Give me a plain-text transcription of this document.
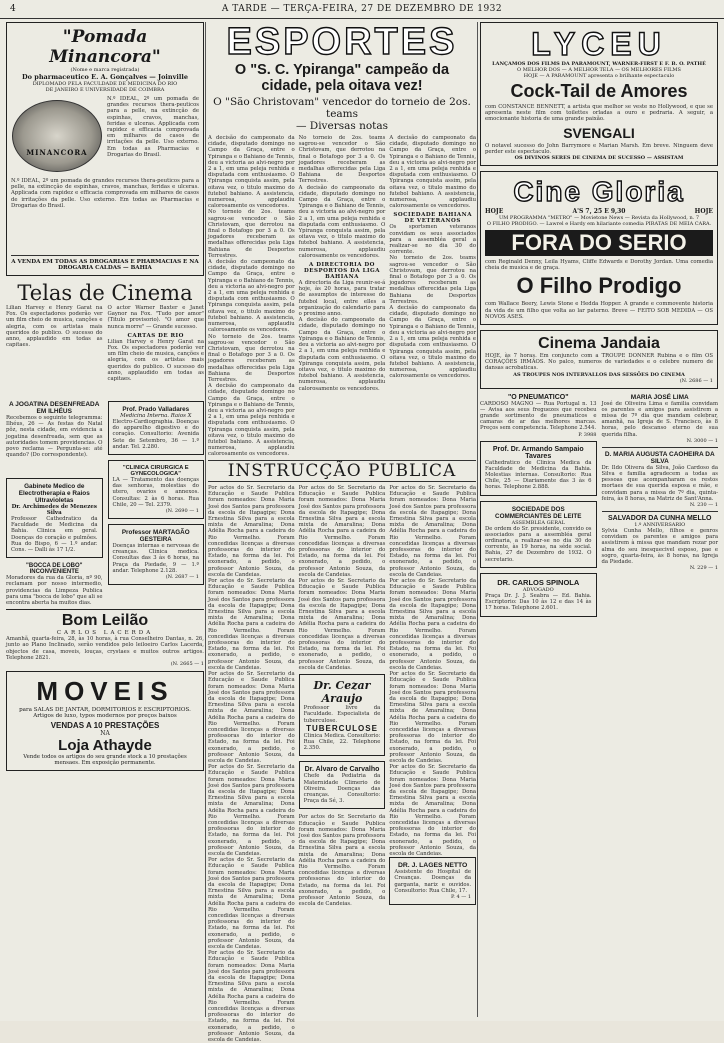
4	A TARDE — TERÇA-FEIRA, 27 DE DEZEMBRO DE 1932
"Pomada Minancora"
(Nome e marca registrada)
Do pharmaceutico E. A. Gonçalves — Joinville
DIPLOMADO PELA FACULDADE DE MEDICINA DO RIO
DE JANEIRO E UNIVERSIDADE DE COIMBRA
MINANCORA
N.º IDEAL, 2º um pomada de grandes recursos thera-peuticos para a pelle, na extincção de espinhas, cravos, manchas, feridas e ulceras. Applicada com rapidez e efficacia comprovada em milhares de casos de irritações da pelle. Uso externo. Em todas as Pharmacias e Drogarias do Brasil.
N.º IDEAL, 2º um pomada de grandes recursos thera-peuticos para a pelle, na extincção de espinhas, cravos, manchas, feridas e ulceras. Applicada com rapidez e efficacia comprovada em milhares de casos de irritações da pelle. Uso externo. Em todas as Pharmacias e Drogarias do Brasil.
A VENDA EM TODAS AS DROGARIAS E PHARMACIAS E NA DROGARIA CALDAS — BAHIA
Telas de Cinema
Lilian Harvey e Henry Garat na Fox. Os espectadores poderão ver um film cheio de musica, canções e alegria, com os artistas mais queridos do publico. O sucesso do anno, applaudido em todas as capitaes.
O actor Warner Baxter e Janet Gaynor na Fox. "Tudo por amor" (Titulo provisorio). "O amor que nunca morre" — Grande sucesso.
CARTAS DE RIO
Lilian Harvey e Henry Garat na Fox. Os espectadores poderão ver um film cheio de musica, canções e alegria, com os artistas mais queridos do publico. O sucesso do anno, applaudido em todas as capitaes.
A JOGATINA DESENFREADA EM ILHÉUS
Recebemos o seguinte telegramma: Ilhéus, 26 — As festas do Natal pôz, nesta cidade, em evidencia a jogatina desenfreada, sem que as autoridades tomem providencias. O povo reclama — Pergunta-se: até quando? (Do correspondente).
Gabinete Medico de Electrotherapia e Raios Ultravioletas
Dr. Archimedes de Menezes Silva
Professor Cathedratico da Faculdade de Medicina da Bahia. Clinica em geral. Doenças do coração e pulmões. Rua do Bispo, 6 — 1.º andar. Cons. — Dalli às 17 1/2.
"BOCCA DE LOBO" INCONVENIENTE
Moradores da rua da Gloria, nº 90, reclamam por nosso intermedio, providencias da Limpeza Publica para uma "bocca de lobo" que ali se encontra aberta ha muitos dias.
Prof. Prado Valladares
Medicina Interna. Raios X
Electro-Cardiographia. Doenças do apparelho digestivo e do coração. Consultorio: Avenida Sete de Setembro, 36 — 1.º andar. Tel. 2.280.
"CLINICA CIRURGICA E GYNECOLOGICA"
LA — Tratamento das doenças das senhoras, molestias do utero, ovarios e annexos. Consultas: 2 às 6 horas. Rua Chile, 20 — Tel. 2379.
(N. 2690 — 1
Professor MARTAGÃO GESTEIRA
Doenças internas e nervosas de creanças. Clinica medica. Consultas das 3 às 6 horas, na Praça da Piedade, 9 — 1.º andar. Telephone 2.128.
(N. 2687 — 1
Bom Leilão
CARLOS LACERDA
Amanhã, quarta-feira, 28, às 10 horas, à rua Conselheiro Dantas, n. 26, junto ao Plano Inclinado, serão vendidos pelo leiloeiro Carlos Lacerda, objectos de casa, moveis, louças, crystaes e muitos outros artigos. Telephone 2821.
(N. 2665 — 1
MOVEIS
para SALAS DE JANTAR, DORMITORIOS E ESCRIPTORIOS. Artigos de luxo, typos modernos por preços baixos
VENDAS A 10 PRESTAÇÕES
NA
Loja Athayde
Vende todos os artigos do seu grande stock a 10 prestações mensaes. Em exposição permanente.
ESPORTES
O "S. C. Ypiranga" campeão da cidade, pela oitava vez!
O "São Christovam" vencedor do torneio de 2os. teams
— Diversas notas
A decisão do campeonato da cidade, disputado domingo no Campo da Graça, entre o Ypiranga e o Bahiano de Tennis, deu a victoria ao alvi-negro por 2 a 1, em uma peleja renhida e disputada com enthusiasmo. O Ypiranga conquista assim, pela oitava vez, o titulo maximo do futebol bahiano. A assistencia, numerosa, applaudiu calorosamente os vencedores.
No torneio de 2os. teams sagrou-se vencedor o São Christovam, que derrotou na final o Botafogo por 3 a 0. Os jogadores receberam as medalhas offerecidas pela Liga Bahiana de Desportos Terrestres.
A decisão do campeonato da cidade, disputado domingo no Campo da Graça, entre o Ypiranga e o Bahiano de Tennis, deu a victoria ao alvi-negro por 2 a 1, em uma peleja renhida e disputada com enthusiasmo. O Ypiranga conquista assim, pela oitava vez, o titulo maximo do futebol bahiano. A assistencia, numerosa, applaudiu calorosamente os vencedores.
No torneio de 2os. teams sagrou-se vencedor o São Christovam, que derrotou na final o Botafogo por 3 a 0. Os jogadores receberam as medalhas offerecidas pela Liga Bahiana de Desportos Terrestres.
A decisão do campeonato da cidade, disputado domingo no Campo da Graça, entre o Ypiranga e o Bahiano de Tennis, deu a victoria ao alvi-negro por 2 a 1, em uma peleja renhida e disputada com enthusiasmo. O Ypiranga conquista assim, pela oitava vez, o titulo maximo do futebol bahiano. A assistencia, numerosa, applaudiu calorosamente os vencedores.
No torneio de 2os. teams sagrou-se vencedor o São Christovam, que derrotou na final o Botafogo por 3 a 0. Os jogadores receberam as medalhas offerecidas pela Liga Bahiana de Desportos Terrestres.
A decisão do campeonato da cidade, disputado domingo no Campo da Graça, entre o Ypiranga e o Bahiano de Tennis, deu a victoria ao alvi-negro por 2 a 1, em uma peleja renhida e disputada com enthusiasmo. O Ypiranga conquista assim, pela oitava vez, o titulo maximo do futebol bahiano. A assistencia, numerosa, applaudiu calorosamente os vencedores.
A DIRECTORIA DO DESPORTOS DA LIGA BAHIANA
A directoria da Liga reunir-se-á hoje, às 20 horas, para tratar de assumptos de interesse do futebol local, entre elles a organização do calendario para o proximo anno.
A decisão do campeonato da cidade, disputado domingo no Campo da Graça, entre o Ypiranga e o Bahiano de Tennis, deu a victoria ao alvi-negro por 2 a 1, em uma peleja renhida e disputada com enthusiasmo. O Ypiranga conquista assim, pela oitava vez, o titulo maximo do futebol bahiano. A assistencia, numerosa, applaudiu calorosamente os vencedores.
A decisão do campeonato da cidade, disputado domingo no Campo da Graça, entre o Ypiranga e o Bahiano de Tennis, deu a victoria ao alvi-negro por 2 a 1, em uma peleja renhida e disputada com enthusiasmo. O Ypiranga conquista assim, pela oitava vez, o titulo maximo do futebol bahiano. A assistencia, numerosa, applaudiu calorosamente os vencedores.
SOCIEDADE BAHIANA DE VETERANOS
Os sportsmen veteranos convidam os seus associados para a assembléa geral a realizar-se no dia 30 do corrente.
No torneio de 2os. teams sagrou-se vencedor o São Christovam, que derrotou na final o Botafogo por 3 a 0. Os jogadores receberam as medalhas offerecidas pela Liga Bahiana de Desportos Terrestres.
A decisão do campeonato da cidade, disputado domingo no Campo da Graça, entre o Ypiranga e o Bahiano de Tennis, deu a victoria ao alvi-negro por 2 a 1, em uma peleja renhida e disputada com enthusiasmo. O Ypiranga conquista assim, pela oitava vez, o titulo maximo do futebol bahiano. A assistencia, numerosa, applaudiu calorosamente os vencedores.
INSTRUCÇÃO PUBLICA
Por actos do Sr. Secretario da Educação e Saude Publica foram nomeados: Dona Maria José dos Santos para professora da escola de Itapagipe; Dona Ernestina Silva para a escola mixta de Amaralina; Dona Adélia Rocha para a cadeira do Rio Vermelho. Foram concedidas licenças a diversas professoras do interior do Estado, na forma da lei. Foi exonerado, a pedido, o professor Antonio Souza, da escola de Candeias.
Por actos do Sr. Secretario da Educação e Saude Publica foram nomeados: Dona Maria José dos Santos para professora da escola de Itapagipe; Dona Ernestina Silva para a escola mixta de Amaralina; Dona Adélia Rocha para a cadeira do Rio Vermelho. Foram concedidas licenças a diversas professoras do interior do Estado, na forma da lei. Foi exonerado, a pedido, o professor Antonio Souza, da escola de Candeias.
Por actos do Sr. Secretario da Educação e Saude Publica foram nomeados: Dona Maria José dos Santos para professora da escola de Itapagipe; Dona Ernestina Silva para a escola mixta de Amaralina; Dona Adélia Rocha para a cadeira do Rio Vermelho. Foram concedidas licenças a diversas professoras do interior do Estado, na forma da lei. Foi exonerado, a pedido, o professor Antonio Souza, da escola de Candeias.
Por actos do Sr. Secretario da Educação e Saude Publica foram nomeados: Dona Maria José dos Santos para professora da escola de Itapagipe; Dona Ernestina Silva para a escola mixta de Amaralina; Dona Adélia Rocha para a cadeira do Rio Vermelho. Foram concedidas licenças a diversas professoras do interior do Estado, na forma da lei. Foi exonerado, a pedido, o professor Antonio Souza, da escola de Candeias.
Por actos do Sr. Secretario da Educação e Saude Publica foram nomeados: Dona Maria José dos Santos para professora da escola de Itapagipe; Dona Ernestina Silva para a escola mixta de Amaralina; Dona Adélia Rocha para a cadeira do Rio Vermelho. Foram concedidas licenças a diversas professoras do interior do Estado, na forma da lei. Foi exonerado, a pedido, o professor Antonio Souza, da escola de Candeias.
Por actos do Sr. Secretario da Educação e Saude Publica foram nomeados: Dona Maria José dos Santos para professora da escola de Itapagipe; Dona Ernestina Silva para a escola mixta de Amaralina; Dona Adélia Rocha para a cadeira do Rio Vermelho. Foram concedidas licenças a diversas professoras do interior do Estado, na forma da lei. Foi exonerado, a pedido, o professor Antonio Souza, da escola de Candeias.
Por actos do Sr. Secretario da Educação e Saude Publica foram nomeados: Dona Maria José dos Santos para professora da escola de Itapagipe; Dona Ernestina Silva para a escola mixta de Amaralina; Dona Adélia Rocha para a cadeira do Rio Vermelho. Foram concedidas licenças a diversas professoras do interior do Estado, na forma da lei. Foi exonerado, a pedido, o professor Antonio Souza, da escola de Candeias.
Por actos do Sr. Secretario da Educação e Saude Publica foram nomeados: Dona Maria José dos Santos para professora da escola de Itapagipe; Dona Ernestina Silva para a escola mixta de Amaralina; Dona Adélia Rocha para a cadeira do Rio Vermelho. Foram concedidas licenças a diversas professoras do interior do Estado, na forma da lei. Foi exonerado, a pedido, o professor Antonio Souza, da escola de Candeias.
Dr. Cezar Araujo
Professor livre da Faculdade. Especialista de tuberculose.
TUBERCULOSE
Clinica Medica. Consultorio: Rua Chile, 22. Telephone 2.350.
Dr. Alvaro de Carvalho
Chefe da Pediatria da Maternidade Climerio de Oliveira. Doenças das creanças. Consultorio: Praça da Sé, 3.
Por actos do Sr. Secretario da Educação e Saude Publica foram nomeados: Dona Maria José dos Santos para professora da escola de Itapagipe; Dona Ernestina Silva para a escola mixta de Amaralina; Dona Adélia Rocha para a cadeira do Rio Vermelho. Foram concedidas licenças a diversas professoras do interior do Estado, na forma da lei. Foi exonerado, a pedido, o professor Antonio Souza, da escola de Candeias.
Por actos do Sr. Secretario da Educação e Saude Publica foram nomeados: Dona Maria José dos Santos para professora da escola de Itapagipe; Dona Ernestina Silva para a escola mixta de Amaralina; Dona Adélia Rocha para a cadeira do Rio Vermelho. Foram concedidas licenças a diversas professoras do interior do Estado, na forma da lei. Foi exonerado, a pedido, o professor Antonio Souza, da escola de Candeias.
Por actos do Sr. Secretario da Educação e Saude Publica foram nomeados: Dona Maria José dos Santos para professora da escola de Itapagipe; Dona Ernestina Silva para a escola mixta de Amaralina; Dona Adélia Rocha para a cadeira do Rio Vermelho. Foram concedidas licenças a diversas professoras do interior do Estado, na forma da lei. Foi exonerado, a pedido, o professor Antonio Souza, da escola de Candeias.
Por actos do Sr. Secretario da Educação e Saude Publica foram nomeados: Dona Maria José dos Santos para professora da escola de Itapagipe; Dona Ernestina Silva para a escola mixta de Amaralina; Dona Adélia Rocha para a cadeira do Rio Vermelho. Foram concedidas licenças a diversas professoras do interior do Estado, na forma da lei. Foi exonerado, a pedido, o professor Antonio Souza, da escola de Candeias.
Por actos do Sr. Secretario da Educação e Saude Publica foram nomeados: Dona Maria José dos Santos para professora da escola de Itapagipe; Dona Ernestina Silva para a escola mixta de Amaralina; Dona Adélia Rocha para a cadeira do Rio Vermelho. Foram concedidas licenças a diversas professoras do interior do Estado, na forma da lei. Foi exonerado, a pedido, o professor Antonio Souza, da escola de Candeias.
DR. J. LAGES NETTO
Assistente do Hospital de Creanças. Doenças da garganta, nariz e ouvidos. Consultorio: Rua Chile, 17.
P. 4 — 1
LYCEU
LANÇAMOS DOS FILMS DA PARAMOUNT, WARNER-FIRST E F. B. O. PATHÉ
O MELHOR DOS — A MELHOR TELA — OS MELHORES FILMS
HOJE — A PARAMOUNT apresenta o brilhante espectaculo
Cock-Tail de Amores
com CONSTANCE BENNETT, a artista que melhor se veste no Hollywood, e que se apresenta neste film com toilettes orladas a ouro e pedraria. A seguir, a emocionante historia de uma grande paixão.
SVENGALI
O notavel sucesso do John Barrymore e Marian Marsh. Em breve. Ninguem deve perder este espectaculo.
OS DIVINOS SERES DE CINEMA DE SUCESSO — ASSISTAM
Cine Gloria
HOJE	A'S 7, 25 E 9,30	HOJE
UM PROGRAMMA "METRO" — Movietone News — Revista da Hollywood, n. 7
O FILHO PRODIGO. — Lawrel e Hardy em hilariante comedia PIRATAS DE MEIA CARA.
FORA DO SERIO
com Reginald Denny, Leila Hyams, Cliffe Edwards e Dorothy Jordan. Uma comedia cheia de musica e de graça.
O Filho Prodigo
com Wallace Beery, Lewis Stone e Hedda Hopper. A grande e commovente historia da vida de um filho que volta ao lar paterno. Breve — FEITO SOB MEDIDA — OS NOVOS ASES.
Cinema Jandaia
HOJE, às 7 horas. Em conjuncto com a TROUPE DONNER Rubina e o film OS CORAÇÕES IRMÃOS. No palco, numeros de variedades e o celebre numero de dansas acrobaticas.
AS TROUPES NOS INTERVALLOS DAS SESSÕES DO CINEMA
(N. 2686 — 1
"O PNEUMATICO"
CARDOSO MAGNO — Rua Portugal n. 13 — Avisa aos seus freguezes que recebeu grande sortimento de pneumaticos e camaras de ar das melhores marcas. Preços sem competencia. Telephone 2.544.
P. 3988
Prof. Dr. Armando Sampaio Tavares
Cathedratico de Clinica Medica da Faculdade de Medicina da Bahia. Molestias internas. Consultorio: Rua Chile, 25 — Diariamente das 3 às 6 horas. Telephone 2.888.
SOCIEDADE DOS COMMERCIANTES DE LEITE
ASSEMBLEA GERAL
De ordem do Sr. presidente, convido os associados para a assembléa geral ordinaria, a realizar-se no dia 30 do corrente, às 19 horas, na séde social. Bahia, 27 de Dezembro de 1932. O secretario.
DR. CARLOS SPINOLA
ADVOGADO
Praça Dr. J. J. Seabra — Ed. Bahia. Escriptorio: Das 10 às 12 e das 14 às 17 horas. Telephone 2.601.
MARIA JOSÉ LIMA
José de Oliveira Lima e familia convidam os parentes e amigos para assistirem a missa de 7º dia que mandam celebrar, amanhã, na Igreja de S. Francisco, às 8 horas, pelo descanso eterno de sua querida filha.
N. 3000 — 1
D. MARIA AUGUSTA CAOHEIRA DA SILVA
Dr. Ildo Olivera da Silva, João Cardoso da Silva e familia agradecem a todas as pessoas que acompanharam os restos mortaes de sua querida esposa e mãe, e convidam para a missa de 7º dia, quinta-feira, às 8 horas, na Matriz de Sant'Anna.
N. 230 — 1
SALVADOR DA CUNHA MELLO
1.º ANNIVERSARIO
Sylvia Cunha Mello, filhos e genros convidam os parentes e amigos para assistirem à missa que mandam rezar por alma do seu inesquecivel esposo, pae e sogro, quarta-feira, às 8 horas, na Igreja da Piedade.
N. 229 — 1
